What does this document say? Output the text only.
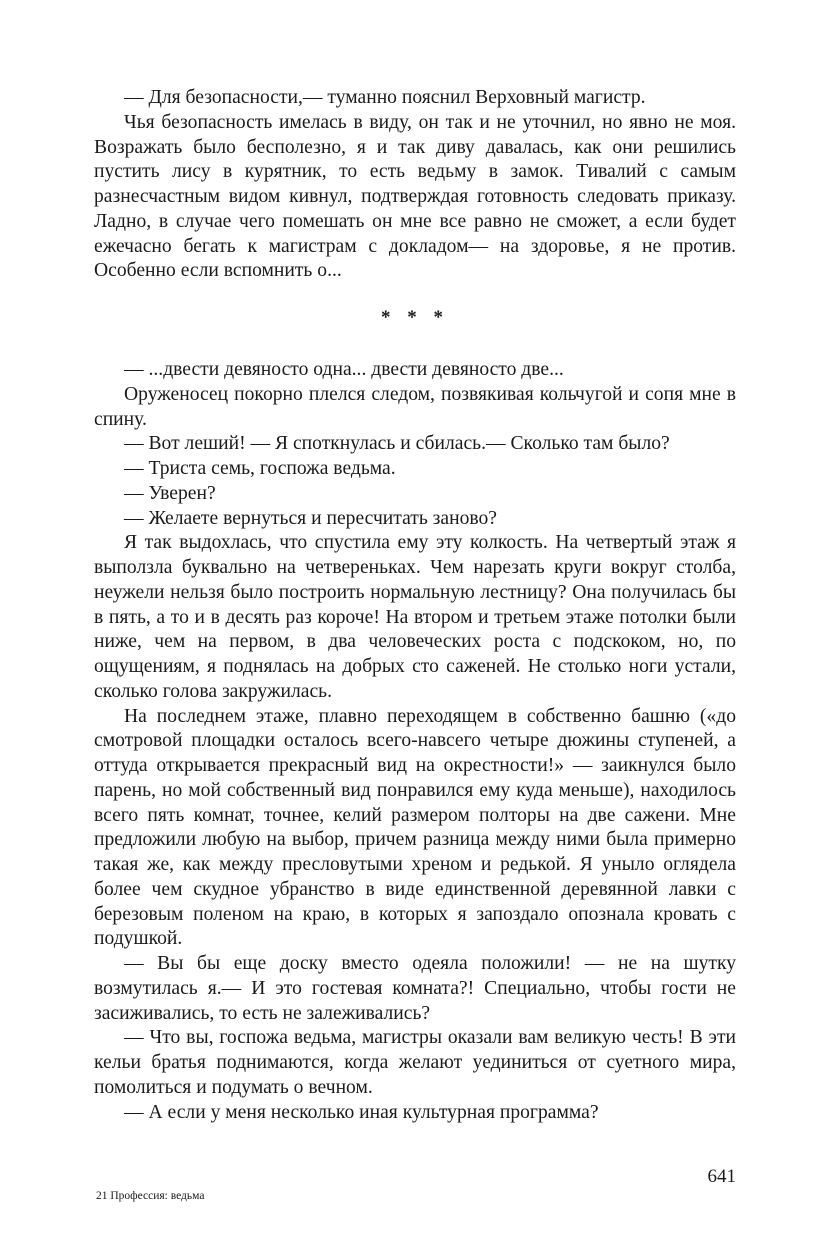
— Для безопасности,— туманно пояснил Верховный магистр.

Чья безопасность имелась в виду, он так и не уточнил, но явно не моя. Возражать было бесполезно, я и так диву давалась, как они решились пустить лису в курятник, то есть ведьму в замок. Тивалий с самым разнесчастным видом кивнул, подтверждая готовность следовать приказу. Ладно, в случае чего помешать он мне все равно не сможет, а если будет ежечасно бегать к магистрам с докладом— на здоровье, я не против. Особенно если вспомнить о...

* * *

— ...двести девяносто одна... двести девяносто две...

Оруженосец покорно плелся следом, позвякивая кольчугой и сопя мне в спину.

— Вот леший! — Я споткнулась и сбилась.— Сколько там было?

— Триста семь, госпожа ведьма.

— Уверен?

— Желаете вернуться и пересчитать заново?

Я так выдохлась, что спустила ему эту колкость. На четвертый этаж я выползла буквально на четвереньках. Чем нарезать круги вокруг столба, неужели нельзя было построить нормальную лестницу? Она получилась бы в пять, а то и в десять раз короче! На втором и третьем этаже потолки были ниже, чем на первом, в два человеческих роста с подскоком, но, по ощущениям, я поднялась на добрых сто саженей. Не столько ноги устали, сколько голова закружилась.

На последнем этаже, плавно переходящем в собственно башню («до смотровой площадки осталось всего-навсего четыре дюжины ступеней, а оттуда открывается прекрасный вид на окрестности!» — заикнулся было парень, но мой собственный вид понравился ему куда меньше), находилось всего пять комнат, точнее, келий размером полторы на две сажени. Мне предложили любую на выбор, причем разница между ними была примерно такая же, как между пресловутыми хреном и редькой. Я уныло оглядела более чем скудное убранство в виде единственной деревянной лавки с березовым поленом на краю, в которых я запоздало опознала кровать с подушкой.

— Вы бы еще доску вместо одеяла положили! — не на шутку возмутилась я.— И это гостевая комната?! Специально, чтобы гости не засиживались, то есть не залеживались?

— Что вы, госпожа ведьма, магистры оказали вам великую честь! В эти кельи братья поднимаются, когда желают уединиться от суетного мира, помолиться и подумать о вечном.

— А если у меня несколько иная культурная программа?

641
21 Профессия: ведьма
